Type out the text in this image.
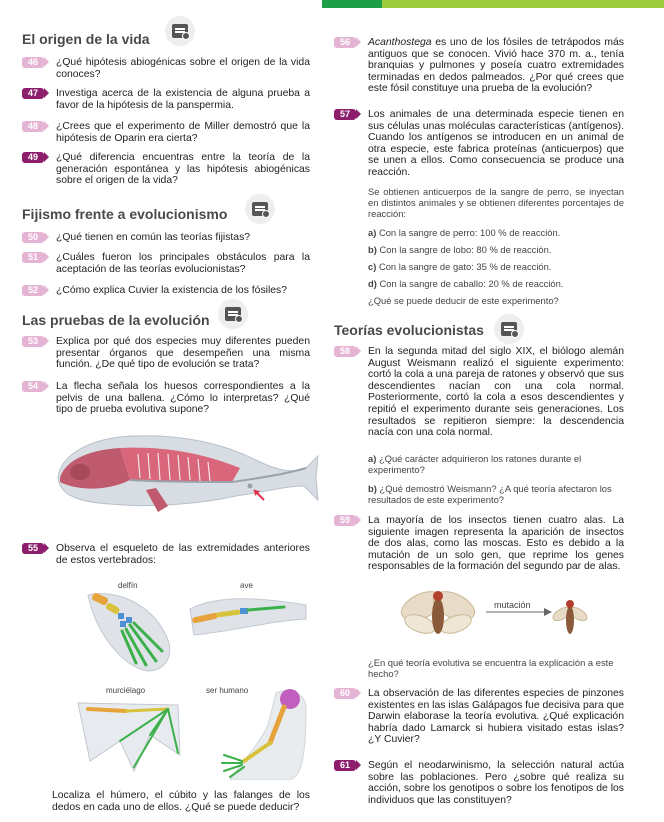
El origen de la vida
46	¿Qué hipótesis abiogénicas sobre el origen de la vida conoces?
47	Investiga acerca de la existencia de alguna prueba a favor de la hipótesis de la panspermia.
48	¿Crees que el experimento de Miller demostró que la hipótesis de Oparin era cierta?
49	¿Qué diferencia encuentras entre la teoría de la generación espontánea y las hipótesis abiogénicas sobre el origen de la vida?
Fijismo frente a evolucionismo
50	¿Qué tienen en común las teorías fijistas?
51	¿Cuáles fueron los principales obstáculos para la aceptación de las teorías evolucionistas?
52	¿Cómo explica Cuvier la existencia de los fósiles?
Las pruebas de la evolución
53	Explica por qué dos especies muy diferentes pueden presentar órganos que desempeñen una misma función. ¿De qué tipo de evolución se trata?
54	La flecha señala los huesos correspondientes a la pelvis de una ballena. ¿Cómo lo interpretas? ¿Qué tipo de prueba evolutiva supone?
55	Observa el esqueleto de las extremidades anteriores de estos vertebrados:
delfín	ave
murciélago	ser humano
Localiza el húmero, el cúbito y las falanges de los dedos en cada uno de ellos. ¿Qué se puede deducir?
56	Acanthostega es uno de los fósiles de tetrápodos más antiguos que se conocen. Vivió hace 370 m. a., tenía branquias y pulmones y poseía cuatro extremidades terminadas en dedos palmeados. ¿Por qué crees que este fósil constituye una prueba de la evolución?
57	Los animales de una determinada especie tienen en sus células unas moléculas características (antígenos). Cuando los antígenos se introducen en un animal de otra especie, este fabrica proteínas (anticuerpos) que se unen a ellos. Como consecuencia se produce una reacción.
Se obtienen anticuerpos de la sangre de perro, se inyectan en distintos animales y se obtienen diferentes porcentajes de reacción:
a) Con la sangre de perro: 100 % de reacción.
b) Con la sangre de lobo: 80 % de reacción.
c) Con la sangre de gato: 35 % de reacción.
d) Con la sangre de caballo: 20 % de reacción.
¿Qué se puede deducir de este experimento?
Teorías evolucionistas
58	En la segunda mitad del siglo XIX, el biólogo alemán August Weismann realizó el siguiente experimento: cortó la cola a una pareja de ratones y observó que sus descendientes nacían con una cola normal. Posteriormente, cortó la cola a esos descendientes y repitió el experimento durante seis generaciones. Los resultados se repitieron siempre: la descendencia nacía con una cola normal.
a) ¿Qué carácter adquirieron los ratones durante el experimento?
b) ¿Qué demostró Weismann? ¿A qué teoría afectaron los resultados de este experimento?
59	La mayoría de los insectos tienen cuatro alas. La siguiente imagen representa la aparición de insectos de dos alas, como las moscas. Esto es debido a la mutación de un solo gen, que reprime los genes responsables de la formación del segundo par de alas.
mutación
¿En qué teoría evolutiva se encuentra la explicación a este hecho?
60	La observación de las diferentes especies de pinzones existentes en las islas Galápagos fue decisiva para que Darwin elaborase la teoría evolutiva. ¿Qué explicación habría dado Lamarck si hubiera visitado estas islas? ¿Y Cuvier?
61	Según el neodarwinismo, la selección natural actúa sobre las poblaciones. Pero ¿sobre qué realiza su acción, sobre los genotipos o sobre los fenotipos de los individuos que las constituyen?
